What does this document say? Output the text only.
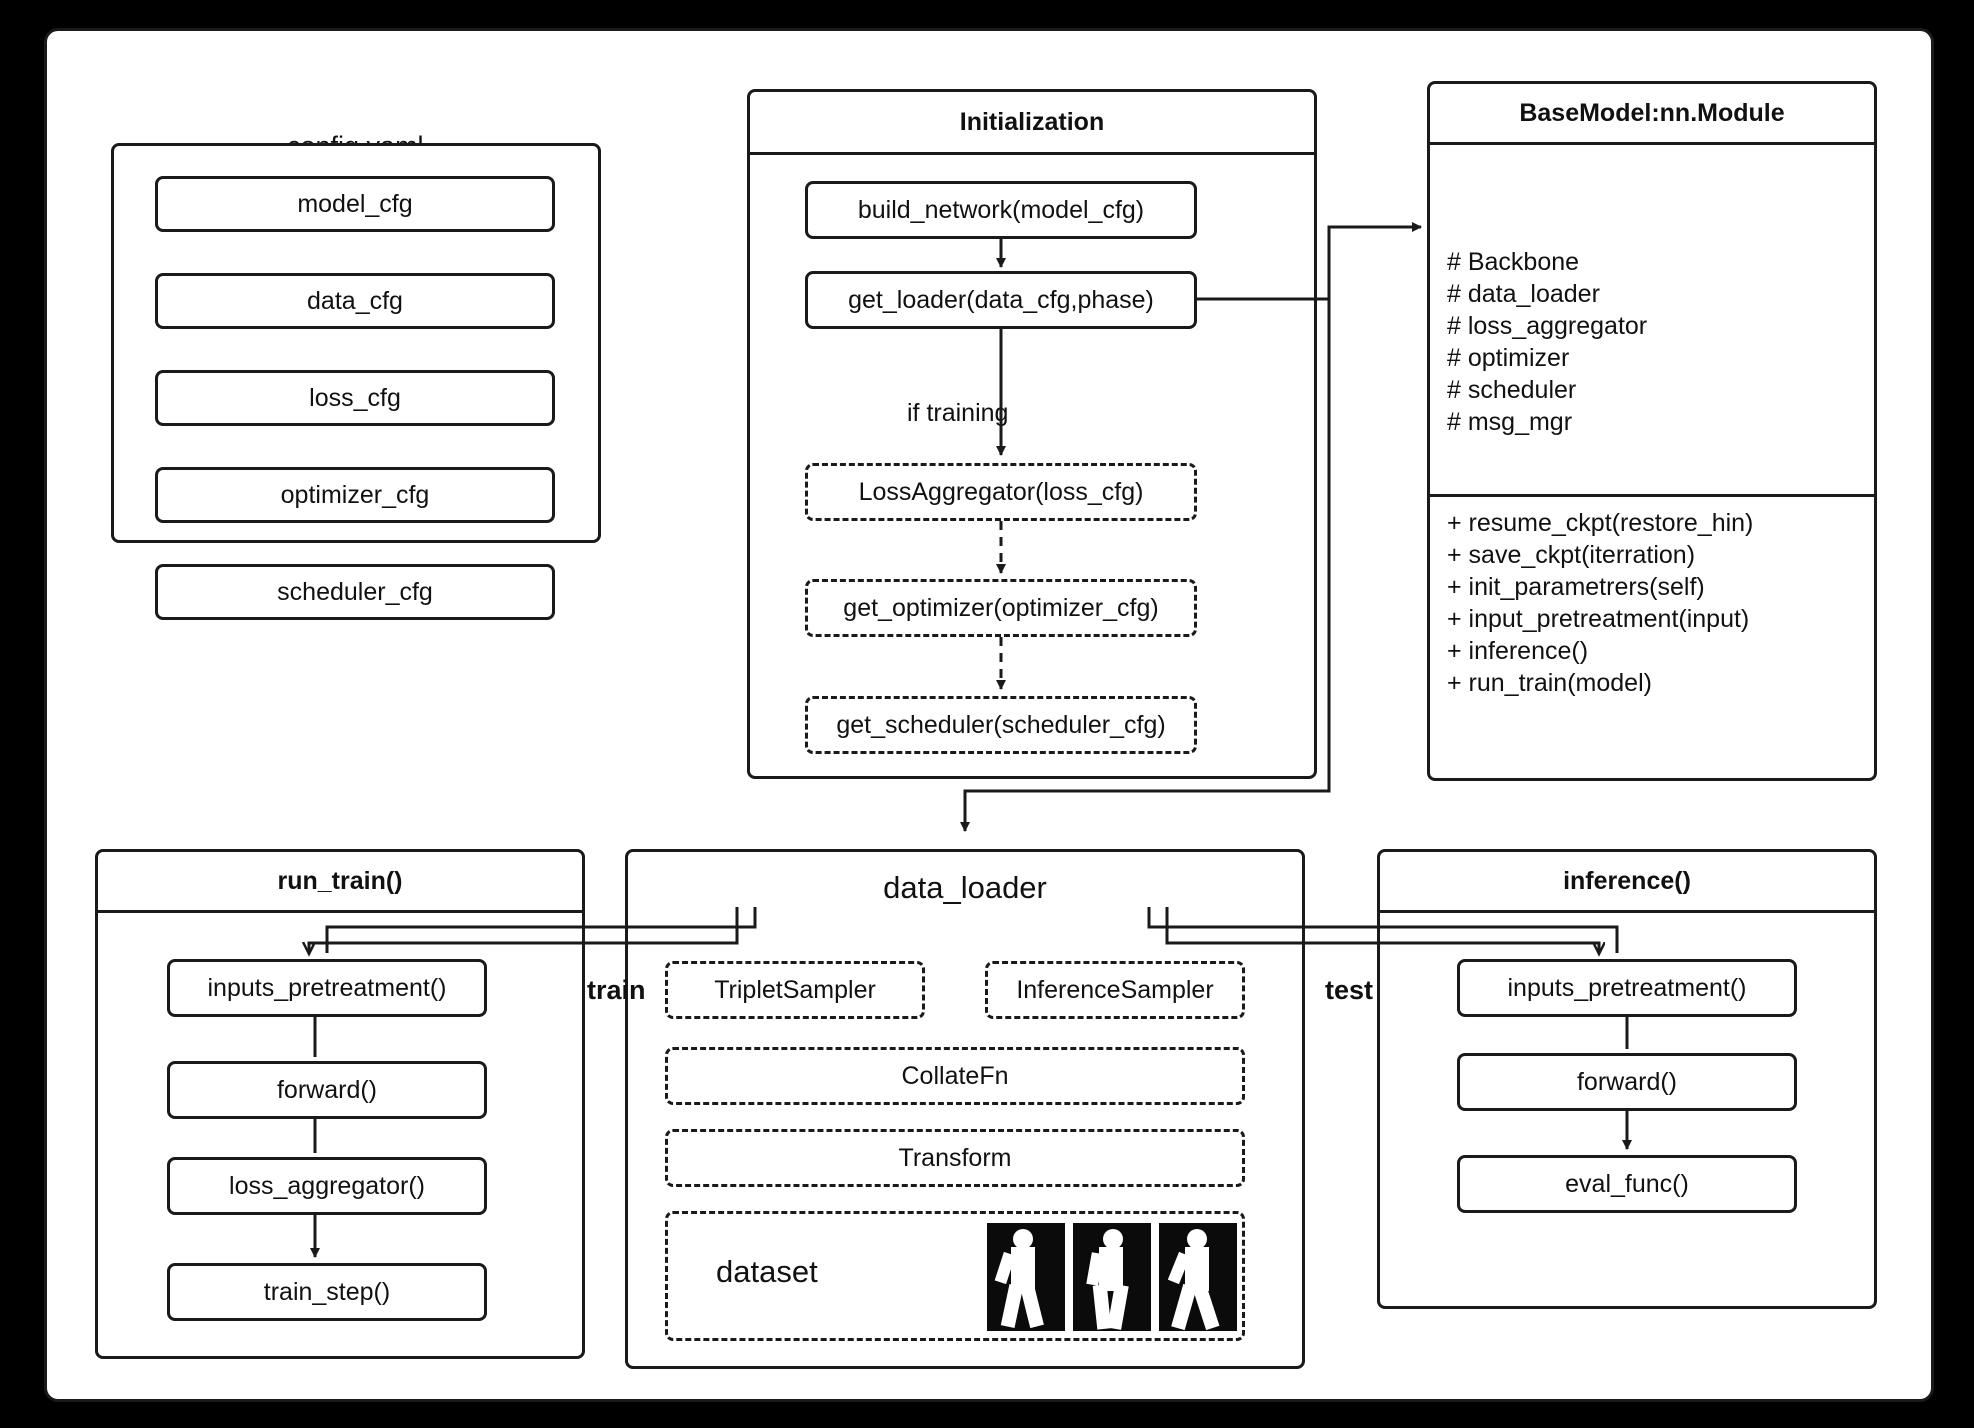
model_cfg
data_cfg
loss_cfg
optimizer_cfg
scheduler_cfg
Initialization
build_network(model_cfg)
get_loader(data_cfg,phase)
if training
LossAggregator(loss_cfg)
get_optimizer(optimizer_cfg)
get_scheduler(scheduler_cfg)
BaseModel:nn.Module
# Backbone
# data_loader
# loss_aggregator
# optimizer
# scheduler
# msg_mgr
+ resume_ckpt(restore_hin)
+ save_ckpt(iterration)
+ init_parametrers(self)
+ input_pretreatment(input)
+ inference()
+ run_train(model)
run_train()
inputs_pretreatment()
forward()
loss_aggregator()
train_step()
data_loader
TripletSampler	InferenceSampler
CollateFn
Transform
dataset
inference()
inputs_pretreatment()
forward()
eval_func()
train	test
